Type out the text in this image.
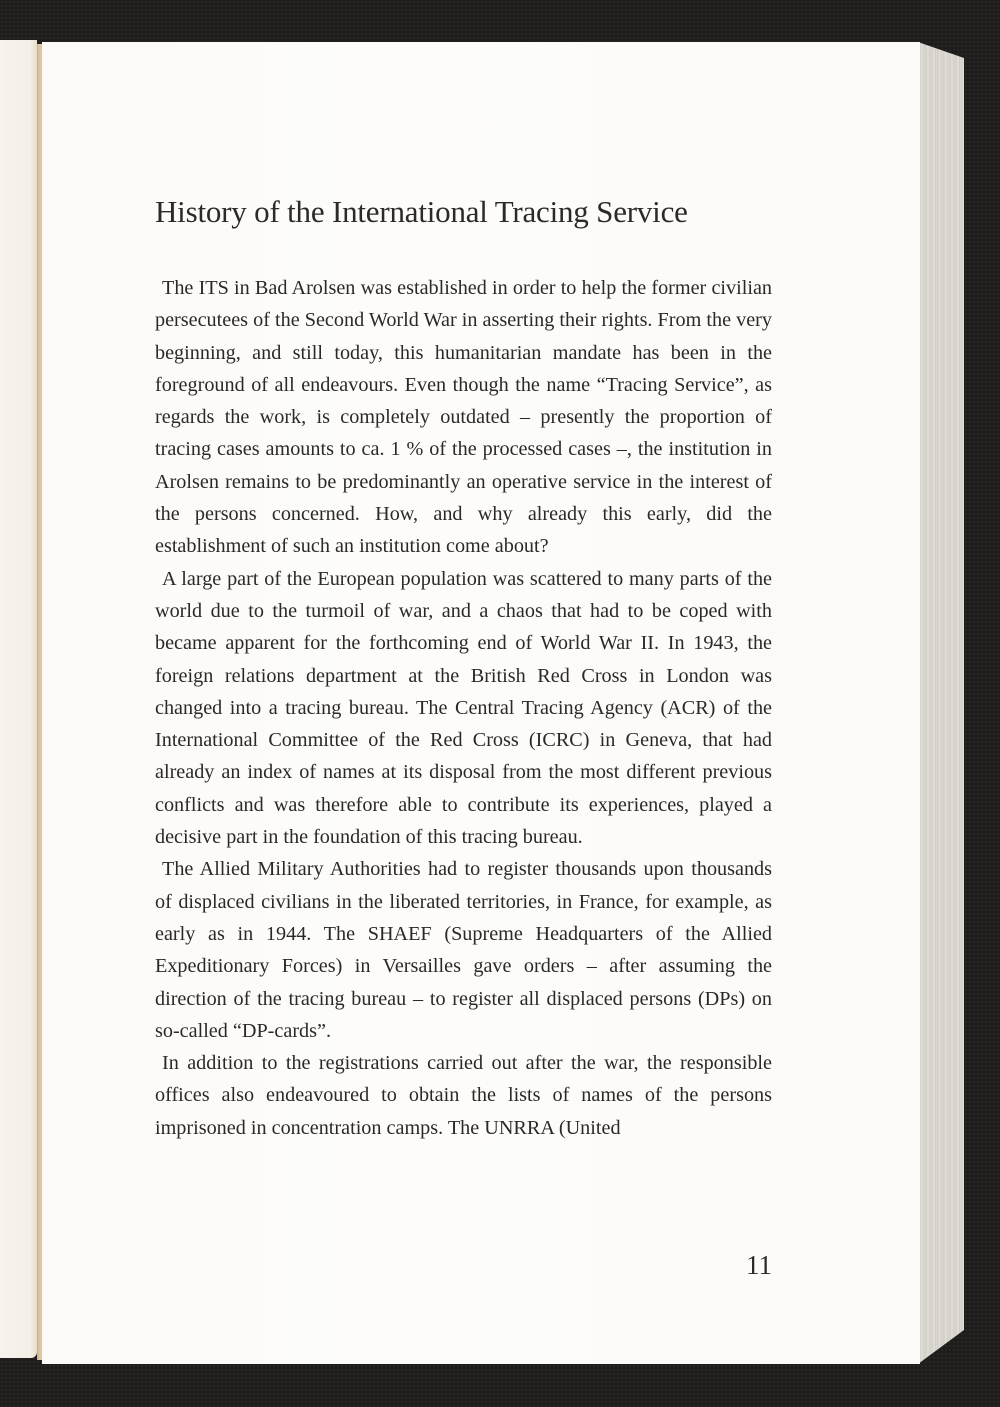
History of the International Tracing Service

The ITS in Bad Arolsen was established in order to help the former civilian persecutees of the Second World War in asserting their rights. From the very beginning, and still today, this humanitarian mandate has been in the foreground of all endeavours. Even though the name “Tracing Service”, as regards the work, is completely outdated – presently the proportion of tracing cases amounts to ca. 1 % of the processed cases –, the institution in Arolsen remains to be predominantly an operative service in the interest of the persons concerned. How, and why already this early, did the establishment of such an institution come about?

A large part of the European population was scattered to many parts of the world due to the turmoil of war, and a chaos that had to be coped with became apparent for the forthcoming end of World War II. In 1943, the foreign relations department at the British Red Cross in London was changed into a tracing bureau. The Central Tracing Agency (ACR) of the International Committee of the Red Cross (ICRC) in Geneva, that had already an index of names at its disposal from the most different previous conflicts and was therefore able to contribute its experiences, played a decisive part in the foundation of this tracing bureau.

The Allied Military Authorities had to register thousands upon thousands of displaced civilians in the liberated territories, in France, for example, as early as in 1944. The SHAEF (Supreme Headquarters of the Allied Expeditionary Forces) in Versailles gave orders – after assuming the direction of the tracing bureau – to register all displaced persons (DPs) on so-called “DP-cards”.

In addition to the registrations carried out after the war, the responsible offices also endeavoured to obtain the lists of names of the persons imprisoned in concentration camps. The UNRRA (United

11
